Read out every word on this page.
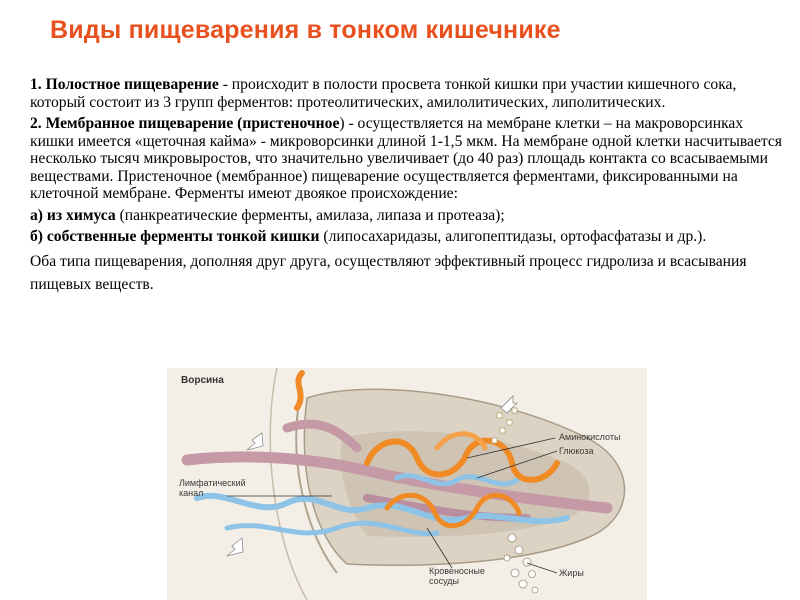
Виды пищеварения в тонком кишечнике

1. Полостное пищеварение - происходит в полости просвета тонкой кишки при участии кишечного сока, который состоит из 3 групп ферментов: протеолитических, амилолитических, липолитических.

2. Мембранное пищеварение (пристеночное) - осуществляется на мембране клетки – на макроворсинках кишки имеется «щеточная кайма» - микроворсинки длиной 1-1,5 мкм. На мембране одной клетки насчитывается несколько тысяч микровыростов, что значительно увеличивает (до 40 раз) площадь контакта со всасываемыми веществами. Пристеночное (мембранное) пищеварение осуществляется ферментами, фиксированными на клеточной мембране. Ферменты имеют двоякое происхождение:

а) из химуса (панкреатические ферменты, амилаза, липаза и протеаза);

б) собственные ферменты тонкой кишки (липосахаридазы, алигопептидазы, ортофасфатазы и др.).

Оба типа пищеварения, дополняя друг друга, осуществляют эффективный процесс гидролиза и всасывания пищевых веществ.

Ворсина
Аминокислоты
Глюкоза
Лимфатический канал
Кровеносные сосуды
Жиры
